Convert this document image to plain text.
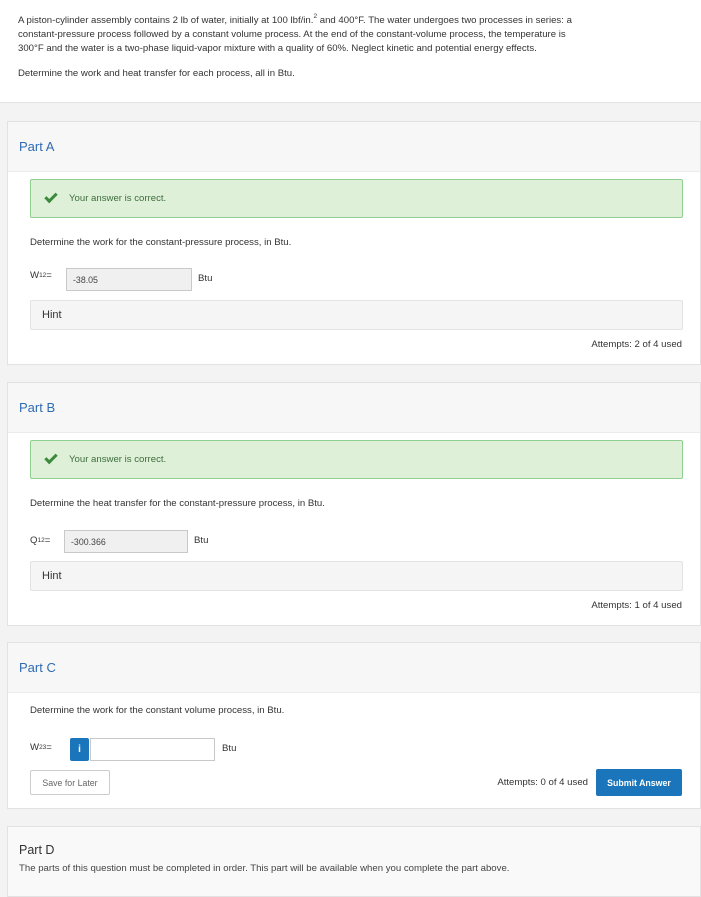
A piston-cylinder assembly contains 2 lb of water, initially at 100 lbf/in.$^2$ and 400°F. The water undergoes two processes in series: a
constant-pressure process followed by a constant volume process. At the end of the constant-volume process, the temperature is
300°F and the water is a two-phase liquid-vapor mixture with a quality of 60%. Neglect kinetic and potential energy effects.

Determine the work and heat transfer for each process, all in Btu.

Part A
Your answer is correct.
Determine the work for the constant-pressure process, in Btu.
W 12 =	-38.05	Btu
Hint
Attempts: 2 of 4 used
Part B
Your answer is correct.
Determine the heat transfer for the constant-pressure process, in Btu.
Q 12 =	-300.366	Btu
Hint
Attempts: 1 of 4 used
Part C
Determine the work for the constant volume process, in Btu.
W 23 =	i	Btu
Save for Later	Attempts: 0 of 4 used	Submit Answer
Part D
The parts of this question must be completed in order. This part will be available when you complete the part above.
